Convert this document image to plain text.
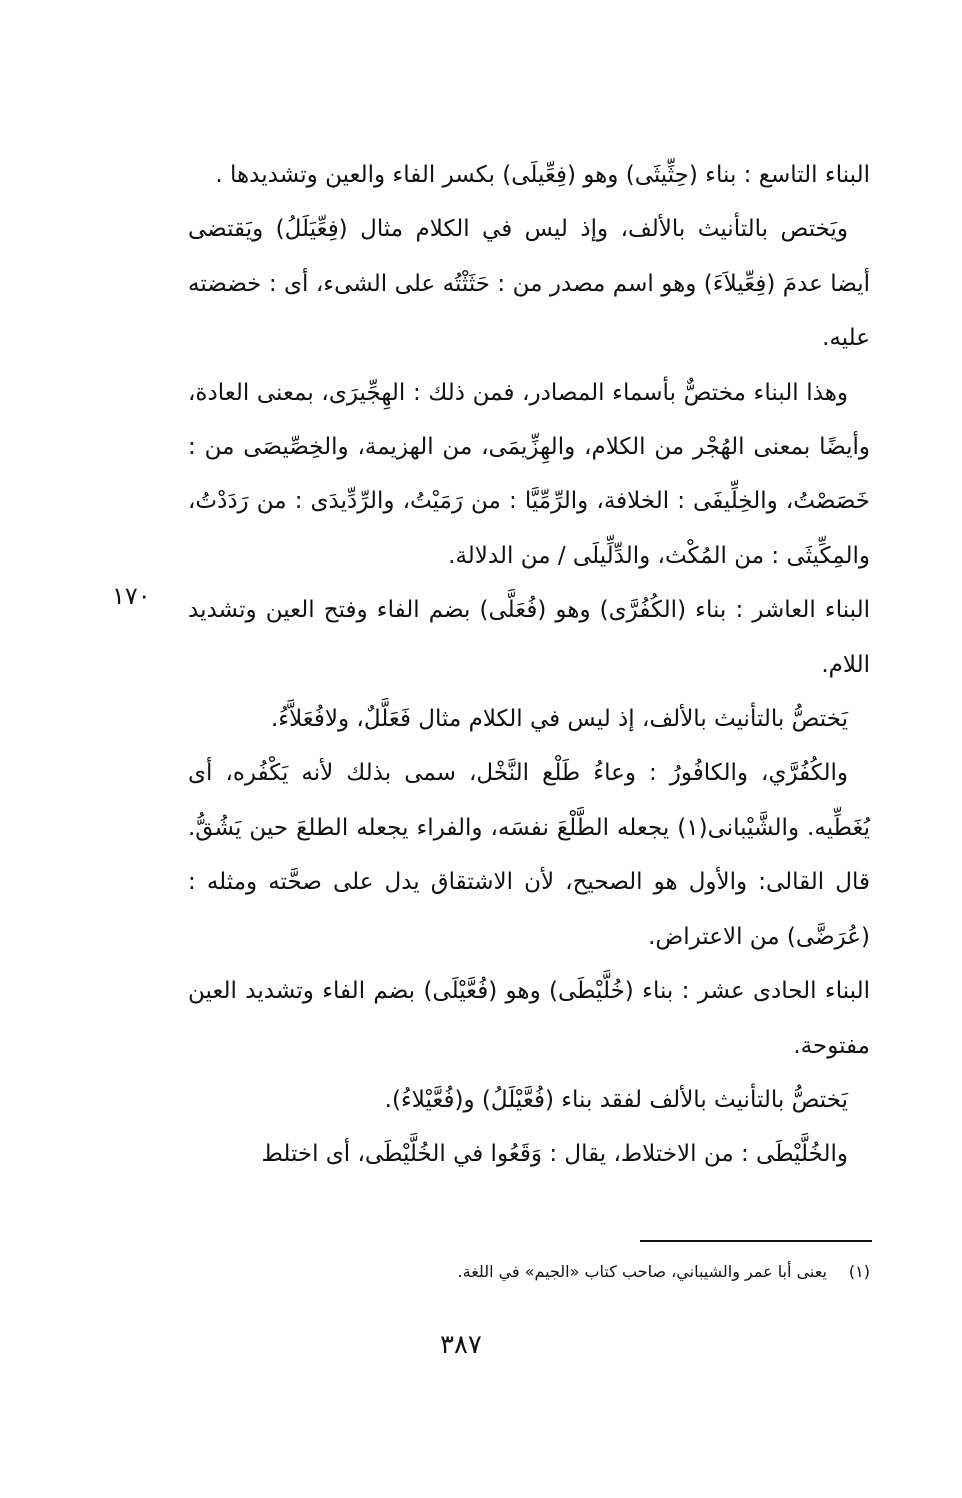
البناء التاسع : بناء (حِثِّيثَى) وهو (فِعِّيلَى) بكسر الفاء والعين وتشديدها .

ويَختص بالتأنيث بالألف، وإذ ليس في الكلام مثال (فِعِّيَلَلُ) ويَقتضى أيضا عدمَ (فِعِّيلاَءَ) وهو اسم مصدر من : حَثَثْتُه على الشىء، أى : خضضته عليه.

وهذا البناء مختصٌّ بأسماء المصادر، فمن ذلك : الهِجِّيرَى، بمعنى العادة، وأيضًا بمعنى الهُجْر من الكلام، والهِزِّيمَى، من الهزيمة، والخِصِّيصَى من : خَصَصْتُ، والخِلِّيفَى : الخلافة، والرِّمِّيَّا : من رَمَيْتُ، والرِّدِّيدَى : من رَدَدْتُ، والمِكِّيثَى : من المُكْث، والدِّلِّيلَى / من الدلالة.

البناء العاشر : بناء (الكُفُرَّى) وهو (فُعَلَّى) بضم الفاء وفتح العين وتشديد اللام.

يَختصُّ بالتأنيث بالألف، إذ ليس في الكلام مثال فَعَلَّلٌ، ولافُعَلاَّءُ.

والكُفُرَّي، والكافُورُ : وعاءُ طَلْع النَّخْل، سمى بذلك لأنه يَكْفُره، أى يُغَطِّيه. والشَّيْبانى(١) يجعله الطَّلْعَ نفسَه، والفراء يجعله الطلعَ حين يَشُقُّ. قال القالى: والأول هو الصحيح، لأن الاشتقاق يدل على صحَّته ومثله : (عُرَضَّى) من الاعتراض.

البناء الحادى عشر : بناء (خُلَّيْطَى) وهو (فُعَّيْلَى) بضم الفاء وتشديد العين مفتوحة.

يَختصُّ بالتأنيث بالألف لفقد بناء (فُعَّيْلَلُ) و(فُعَّيْلاءُ).

والخُلَّيْطَى : من الاختلاط، يقال : وَقَعُوا في الخُلَّيْطَى، أى اختلط

١٧٠
(١)يعنى أبا عمر والشيباني، صاحب كتاب «الجيم» في اللغة.
٣٨٧
